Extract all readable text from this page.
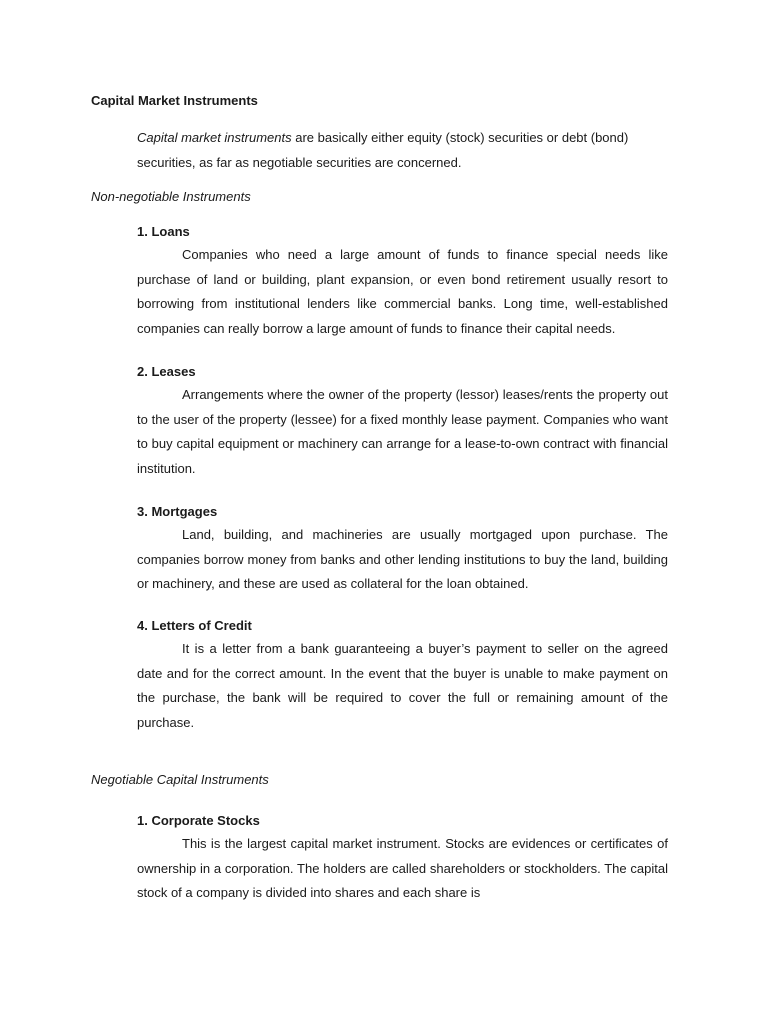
Capital Market Instruments

Capital market instruments are basically either equity (stock) securities or debt (bond) securities, as far as negotiable securities are concerned.

Non-negotiable Instruments

1. Loans

Companies who need a large amount of funds to finance special needs like purchase of land or building, plant expansion, or even bond retirement usually resort to borrowing from institutional lenders like commercial banks. Long time, well-established companies can really borrow a large amount of funds to finance their capital needs.

2. Leases

Arrangements where the owner of the property (lessor) leases/rents the property out to the user of the property (lessee) for a fixed monthly lease payment. Companies who want to buy capital equipment or machinery can arrange for a lease-to-own contract with financial institution.

3. Mortgages

Land, building, and machineries are usually mortgaged upon purchase. The companies borrow money from banks and other lending institutions to buy the land, building or machinery, and these are used as collateral for the loan obtained.

4. Letters of Credit

It is a letter from a bank guaranteeing a buyer’s payment to seller on the agreed date and for the correct amount. In the event that the buyer is unable to make payment on the purchase, the bank will be required to cover the full or remaining amount of the purchase.

Negotiable Capital Instruments

1. Corporate Stocks

This is the largest capital market instrument. Stocks are evidences or certificates of ownership in a corporation. The holders are called shareholders or stockholders. The capital stock of a company is divided into shares and each share is
